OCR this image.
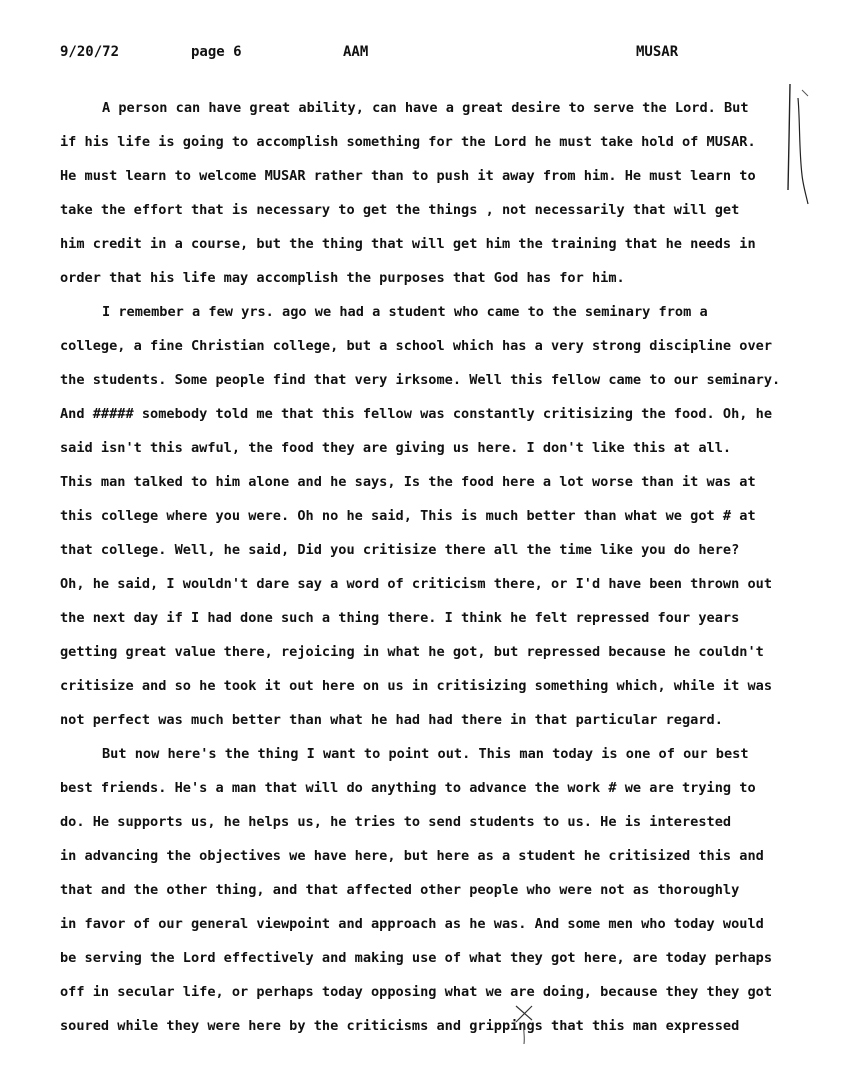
9/20/72	page 6	AAM	MUSAR
A person can have great ability, can have a great desire to serve the Lord. But
if his life is going to accomplish something for the Lord he must take hold of MUSAR.
He must learn to welcome MUSAR rather than to push it away from him. He must learn to
take the effort that is necessary to get the things , not necessarily that will get
him credit in a course, but the thing that will get him the training that he needs in
order that his life may accomplish the purposes that God has for him.
I remember a few yrs. ago we had a student who came to the seminary from a
college, a fine Christian college, but a school which has a very strong discipline over
the students. Some people find that very irksome. Well this fellow came to our seminary.
And ##### somebody told me that this fellow was constantly critisizing the food. Oh, he
said isn't this awful, the food they are giving us here. I don't like this at all.
This man talked to him alone and he says, Is the food here a lot worse than it was at
this college where you were. Oh no he said, This is much better than what we got # at
that college. Well, he said, Did you critisize there all the time like you do here?
Oh, he said, I wouldn't dare say a word of criticism there, or I'd have been thrown out
the next day if I had done such a thing there. I think he felt repressed four years
getting great value there, rejoicing in what he got, but repressed because he couldn't
critisize and so he took it out here on us in critisizing something which, while it was
not perfect was much better than what he had had there in that particular regard.
But now here's the thing I want to point out. This man today is one of our best
best friends. He's a man that will do anything to advance the work # we are trying to
do. He supports us, he helps us, he tries to send students to us. He is interested
in advancing the objectives we have here, but here as a student he critisized this and
that and the other thing, and that affected other people who were not as thoroughly
in favor of our general viewpoint and approach as he was. And some men who today would
be serving the Lord effectively and making use of what they got here, are today perhaps
off in secular life, or perhaps today opposing what we are doing, because they they got
soured while they were here by the criticisms and grippings that this man expressed
